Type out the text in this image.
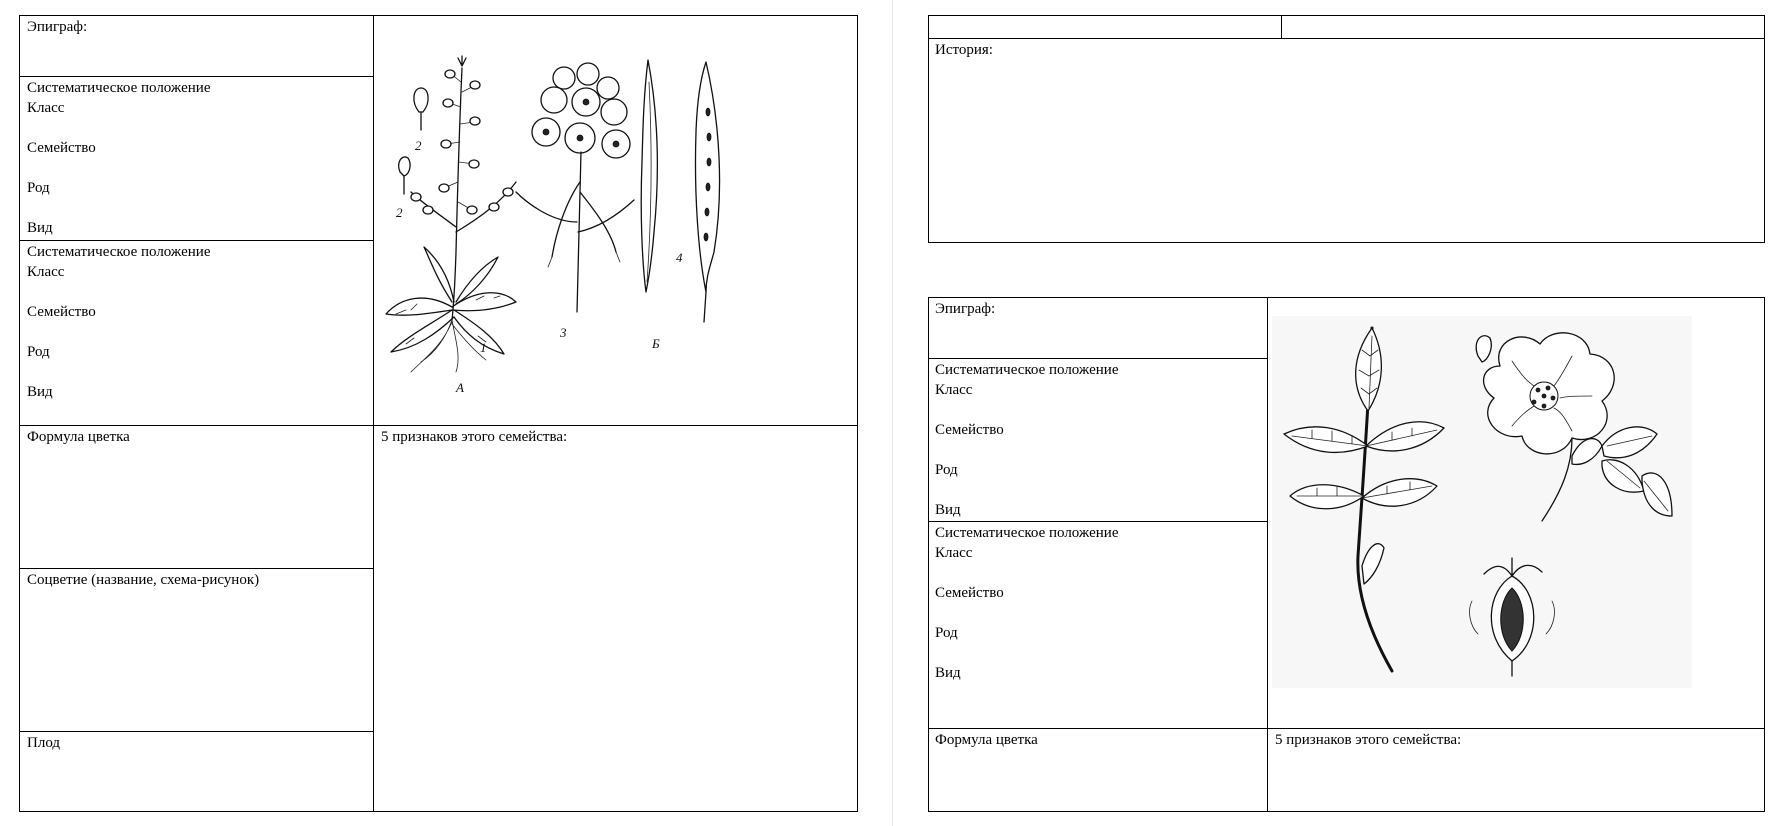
Эпиграф:
Систематическое положение
Класс
Семейство
Род
Вид
Систематическое положение
Класс
Семейство
Род
Вид
Формула цветка
Соцветие (название, схема-рисунок)
Плод
5 признаков этого семейства:
1
А
2
2
3
4
Б
История:
Эпиграф:
Систематическое положение
Класс
Семейство
Род
Вид
Систематическое положение
Класс
Семейство
Род
Вид
Формула цветка	5 признаков этого семейства:
